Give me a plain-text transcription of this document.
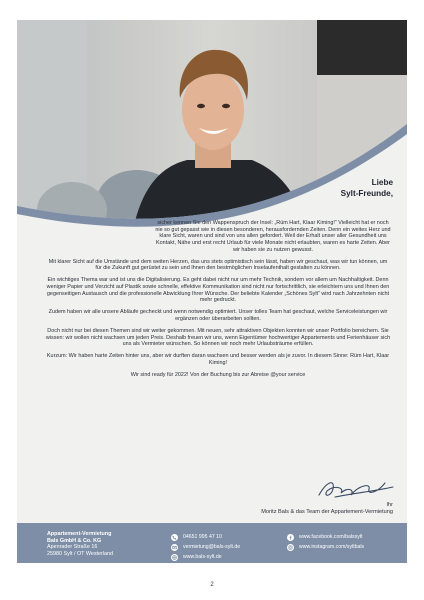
Liebe
Sylt-Freunde,

sicher kennen Sie den Wappenspruch der Insel: „Rüm Hart, Klaar Kiming!“ Vielleicht hat er noch nie so gut gepasst wie in diesen besonderen, herausfordernden Zeiten. Denn ein weites Herz und klare Sicht, waren und sind von uns allen gefordert. Weil der Erhalt unser aller Gesundheit uns Kontakt, Nähe und erst recht Urlaub für viele Monate nicht erlaubten, waren es harte Zeiten. Aber wir haben sie zu nutzen gewusst.

Mit klarer Sicht auf die Umstände und dem weiten Herzen, das uns stets optimistisch sein lässt, haben wir geschaut, was wir tun können, um für die Zukunft gut gerüstet zu sein und Ihnen den bestmöglichen Inselaufenthalt gestalten zu können.

Ein wichtiges Thema war und ist uns die Digitalisierung. Es geht dabei nicht nur um mehr Technik, sondern vor allem um Nachhaltigkeit. Denn weniger Papier und Verzicht auf Plastik sowie schnelle, effektive Kommunikation sind nicht nur fortschrittlich, sie erleichtern uns und Ihnen den gegenseitigen Austausch und die professionelle Abwicklung Ihrer Wünsche. Der beliebte Kalender „Schönes Sylt“ wird nach Jahrzehnten nicht mehr gedruckt.

Zudem haben wir alle unsere Abläufe gecheckt und wenn notwendig optimiert. Unser tolles Team hat geschaut, welche Serviceleistungen wir ergänzen oder überarbeiten sollten.

Doch nicht nur bei diesen Themen sind wir weiter gekommen. Mit neuen, sehr attraktiven Objekten konnten wir unser Portfolio bereichern. Sie wissen: wir wollen nicht wachsen um jeden Preis. Deshalb freuen wir uns, wenn Eigentümer hochwertiger Appartements und Ferienhäuser sich uns als Vermieter wünschen. So können wir noch mehr Urlaubsträume erfüllen.

Kurzum: Wir haben harte Zeiten hinter uns, aber wir durften daran wachsen und besser werden als je zuvor. In diesem Sinne: Rüm Hart, Klaar Kiming!

Wir sind ready für 2022! Von der Buchung bis zur Abreise @your service

Ihr
Moritz Bals & das Team der Appartement-Vermietung
Appartement-Vermietung
Bals GmbH & Co. KG
Apenrader Straße 16
25980 Sylt / OT Westerland
04651 995 47 10
vermietung@bals-sylt.de
www.bals-sylt.de
www.facebook.com/balssylt
www.instagram.com/syltbals
2
